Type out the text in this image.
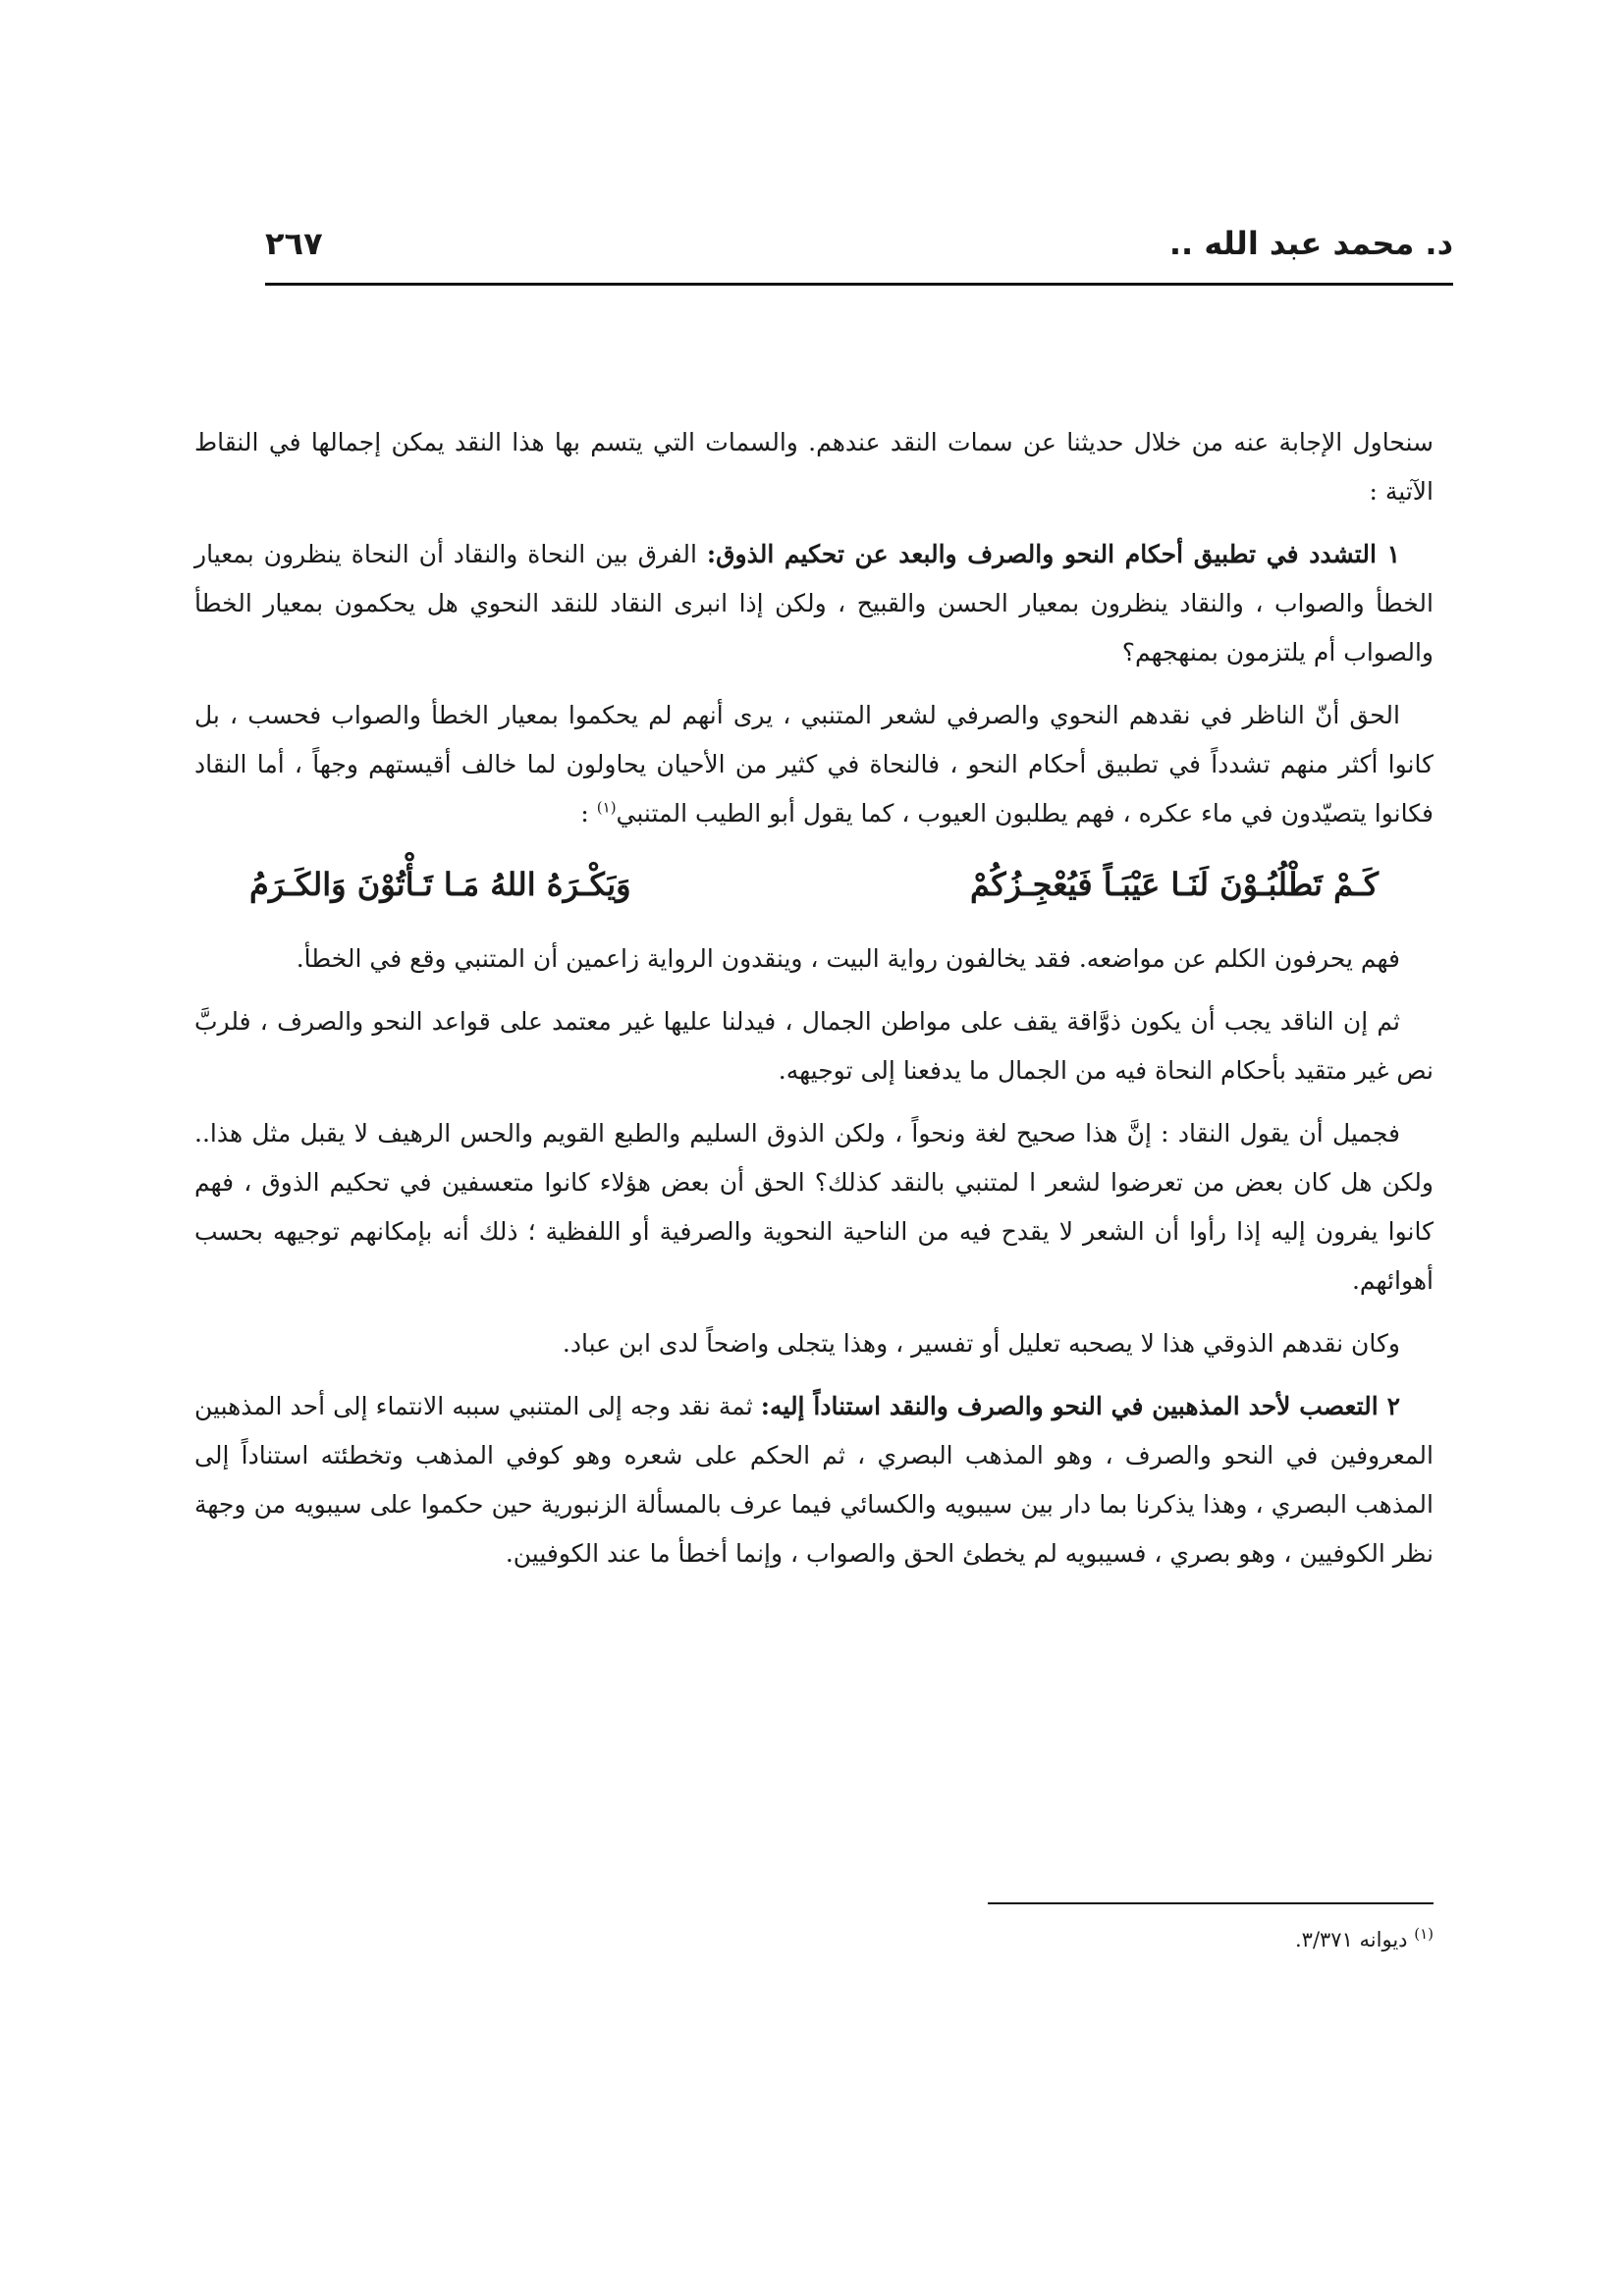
د. محمد عبد الله ..
٢٦٧

سنحاول الإجابة عنه من خلال حديثنا عن سمات النقد عندهم. والسمات التي يتسم بها هذا النقد يمكن إجمالها في النقاط الآتية :

١ التشدد في تطبيق أحكام النحو والصرف والبعد عن تحكيم الذوق: الفرق بين النحاة والنقاد أن النحاة ينظرون بمعيار الخطأ والصواب ، والنقاد ينظرون بمعيار الحسن والقبيح ، ولكن إذا انبرى النقاد للنقد النحوي هل يحكمون بمعيار الخطأ والصواب أم يلتزمون بمنهجهم؟

الحق أنّ الناظر في نقدهم النحوي والصرفي لشعر المتنبي ، يرى أنهم لم يحكموا بمعيار الخطأ والصواب فحسب ، بل كانوا أكثر منهم تشدداً في تطبيق أحكام النحو ، فالنحاة في كثير من الأحيان يحاولون لما خالف أقيستهم وجهاً ، أما النقاد فكانوا يتصيّدون في ماء عكره ، فهم يطلبون العيوب ، كما يقول أبو الطيب المتنبي$^{(١)}$ :

كَـمْ تَطْلُبُـوْنَ لَنَـا عَيْبَـاً فَيُعْجِـزُكُمْ
وَيَكْـرَهُ اللهُ مَـا تَـأْتُوْنَ وَالكَـرَمُ

فهم يحرفون الكلم عن مواضعه. فقد يخالفون رواية البيت ، وينقدون الرواية زاعمين أن المتنبي وقع في الخطأ.

ثم إن الناقد يجب أن يكون ذوَّاقة يقف على مواطن الجمال ، فيدلنا عليها غير معتمد على قواعد النحو والصرف ، فلربَّ نص غير متقيد بأحكام النحاة فيه من الجمال ما يدفعنا إلى توجيهه.

فجميل أن يقول النقاد : إنَّ هذا صحيح لغة ونحواً ، ولكن الذوق السليم والطبع القويم والحس الرهيف لا يقبل مثل هذا.. ولكن هل كان بعض من تعرضوا لشعر ا لمتنبي بالنقد كذلك؟ الحق أن بعض هؤلاء كانوا متعسفين في تحكيم الذوق ، فهم كانوا يفرون إليه إذا رأوا أن الشعر لا يقدح فيه من الناحية النحوية والصرفية أو اللفظية ؛ ذلك أنه بإمكانهم توجيهه بحسب أهوائهم.

وكان نقدهم الذوقي هذا لا يصحبه تعليل أو تفسير ، وهذا يتجلى واضحاً لدى ابن عباد.

٢ التعصب لأحد المذهبين في النحو والصرف والنقد استناداً إليه: ثمة نقد وجه إلى المتنبي سببه الانتماء إلى أحد المذهبين المعروفين في النحو والصرف ، وهو المذهب البصري ، ثم الحكم على شعره وهو كوفي المذهب وتخطئته استناداً إلى المذهب البصري ، وهذا يذكرنا بما دار بين سيبويه والكسائي فيما عرف بالمسألة الزنبورية حين حكموا على سيبويه من وجهة نظر الكوفيين ، وهو بصري ، فسيبويه لم يخطئ الحق والصواب ، وإنما أخطأ ما عند الكوفيين.

$^{(١)}$ ديوانه ٣/٣٧١.
